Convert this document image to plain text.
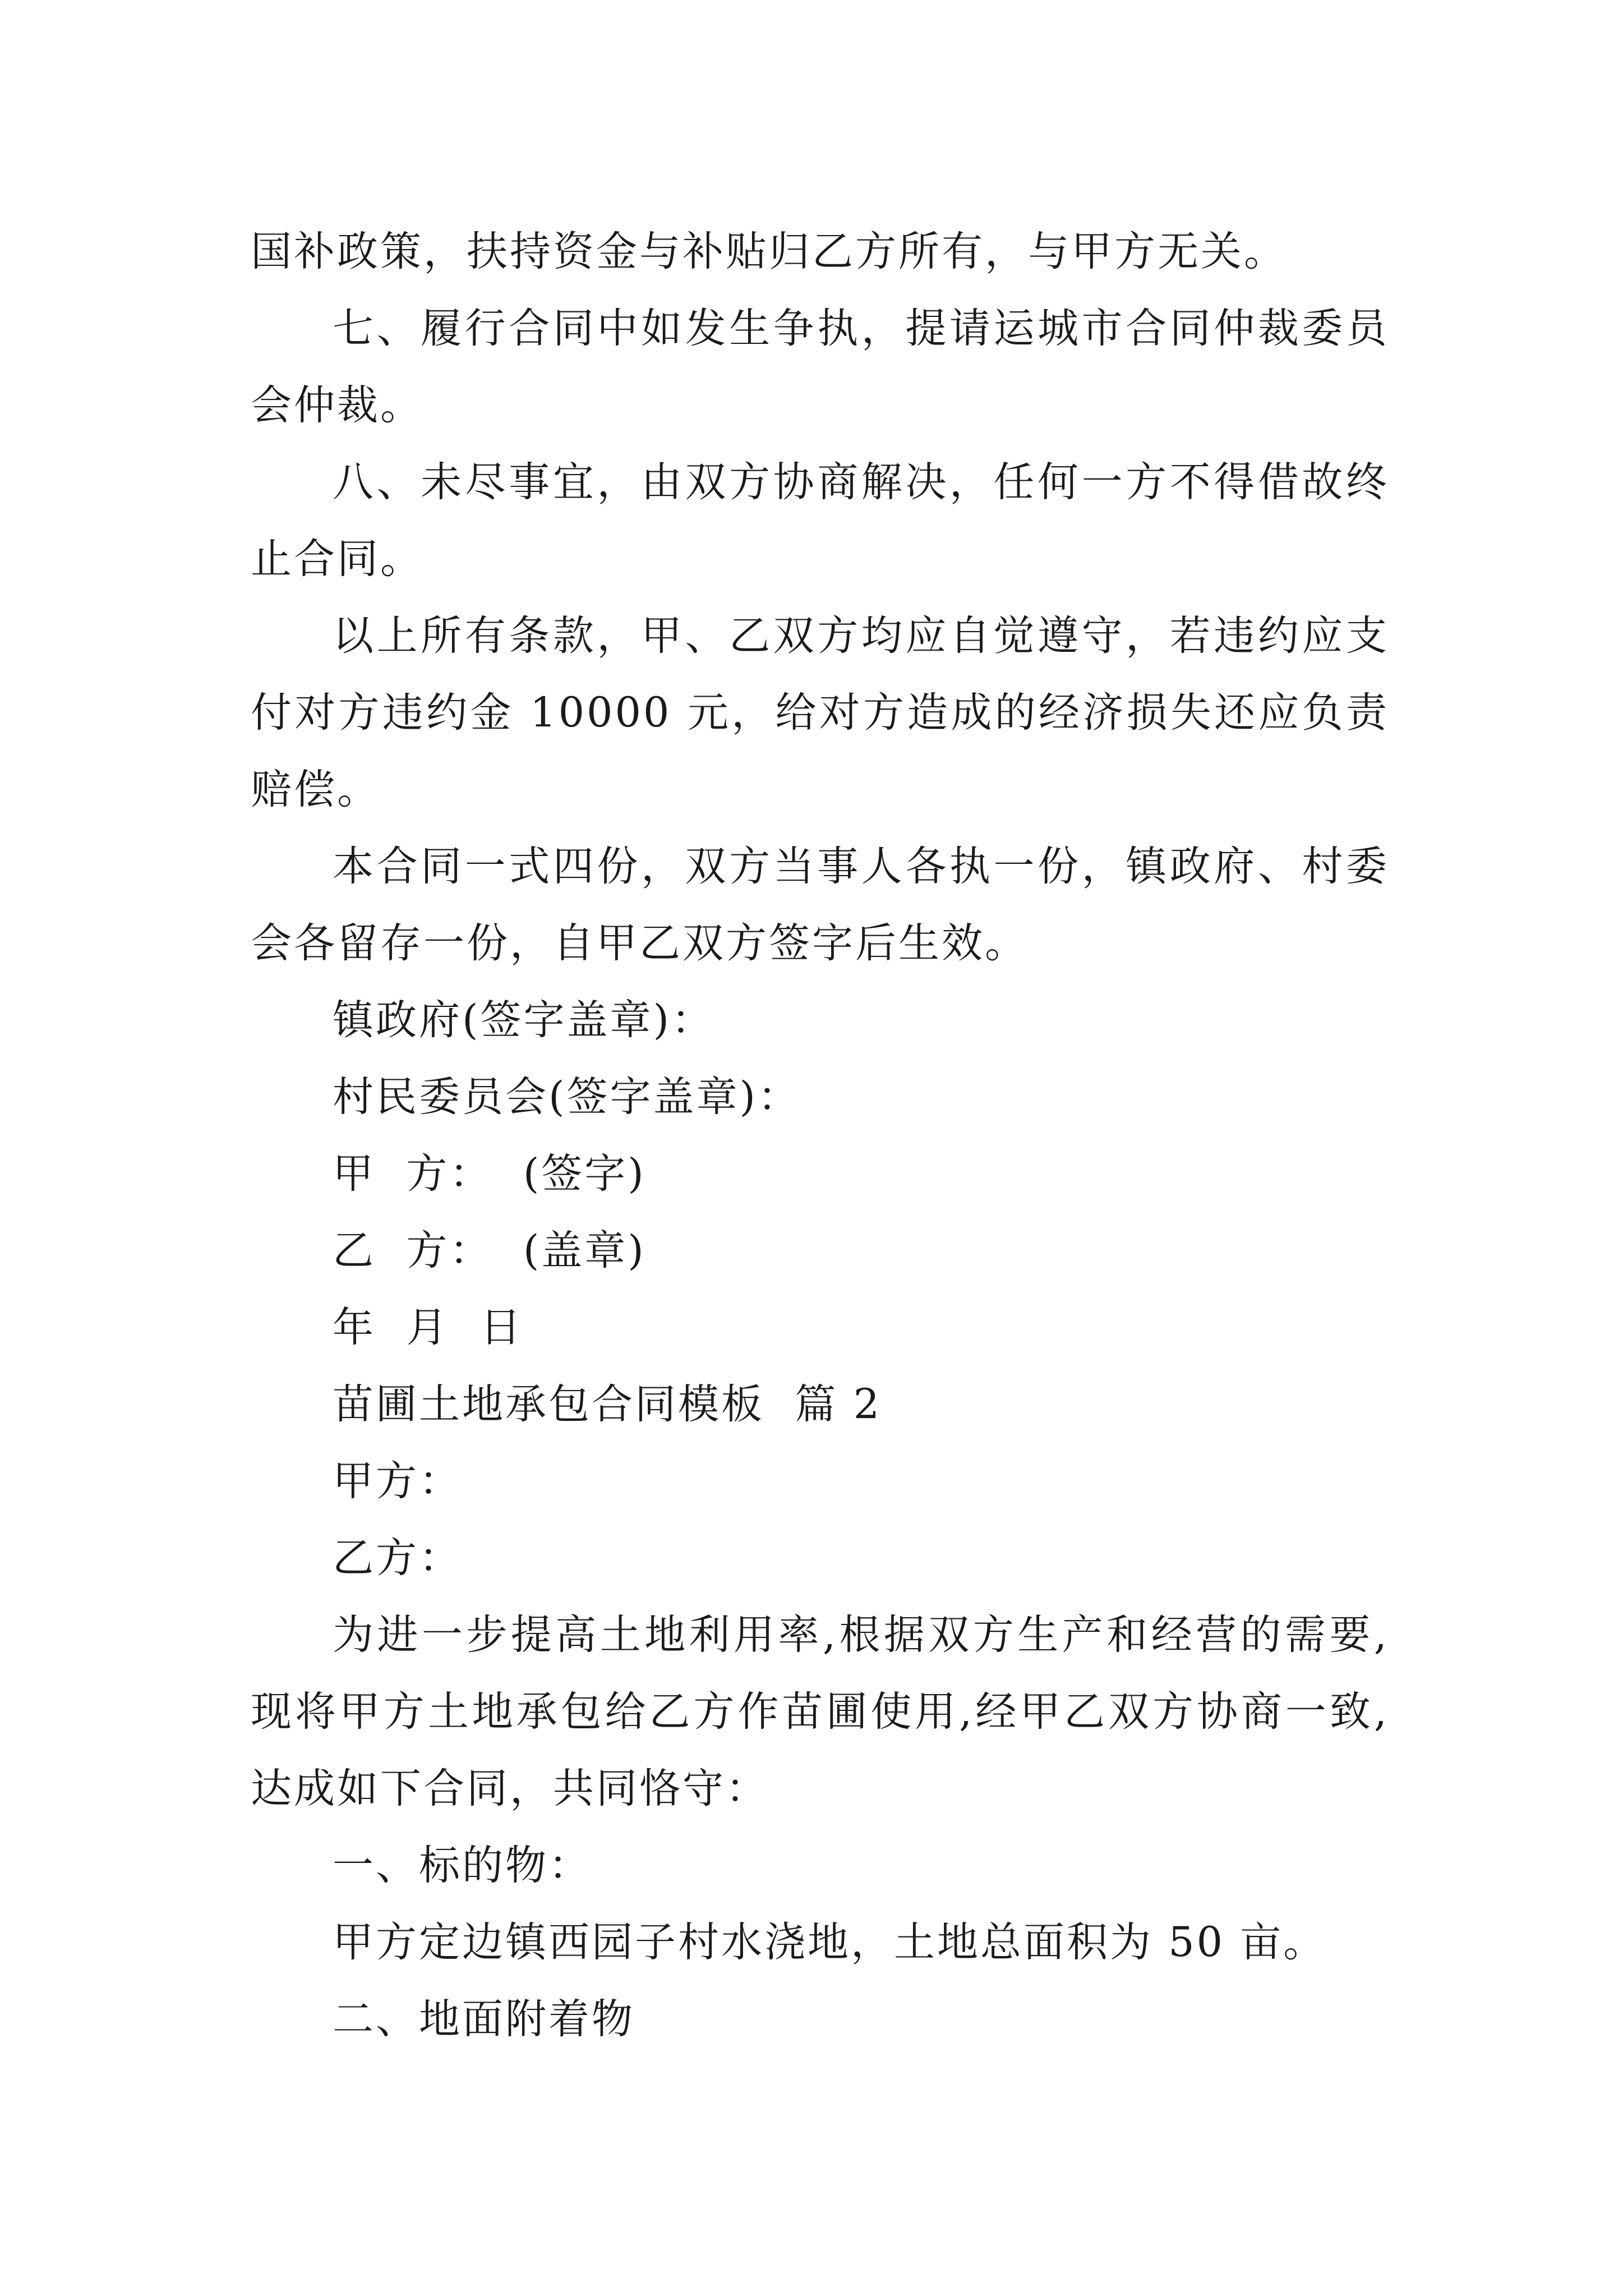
国补政策，扶持资金与补贴归乙方所有，与甲方无关。

七、履行合同中如发生争执，提请运城市合同仲裁委员会仲裁。

八、未尽事宜，由双方协商解决，任何一方不得借故终止合同。

以上所有条款，甲、乙双方均应自觉遵守，若违约应支付对方违约金 10000 元，给对方造成的经济损失还应负责赔偿。

本合同一式四份，双方当事人各执一份，镇政府、村委会各留存一份，自甲乙双方签字后生效。

镇政府(签字盖章)：
村民委员会(签字盖章)：
甲  方：  (签字)
乙  方：  (盖章)
年  月  日
苗圃土地承包合同模板  篇 2
甲方：
乙方：

为进一步提高土地利用率,根据双方生产和经营的需要,现将甲方土地承包给乙方作苗圃使用,经甲乙双方协商一致,达成如下合同，共同恪守：

一、标的物：
甲方定边镇西园子村水浇地，土地总面积为 50 亩。
二、地面附着物
